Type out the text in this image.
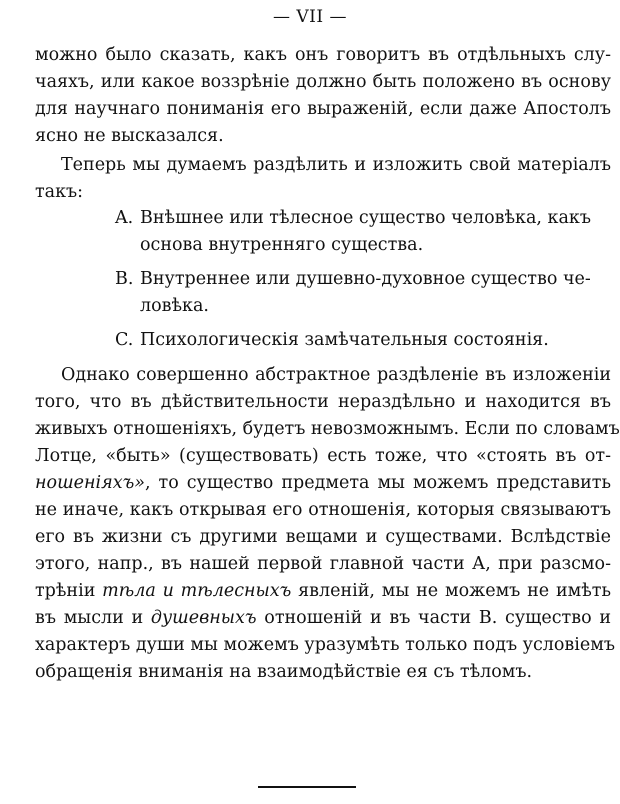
— VII —
можно было сказать, какъ онъ говоритъ въ отдѣльныхъ слу-
чаяхъ, или какое воззрѣніе должно быть положено въ основу
для научнаго пониманія его выраженій, если даже Апостолъ
ясно не высказался.
Теперь мы думаемъ раздѣлить и изложить свой матеріалъ
такъ:
A. Внѣшнее или тѣлесное существо человѣка, какъ
основа внутренняго существа.
B. Внутреннее или душевно-духовное существо че-
ловѣка.
C. Психологическія замѣчательныя состоянія.
Однако совершенно абстрактное раздѣленіе въ изложеніи
того, что въ дѣйствительности нераздѣльно и находится въ
живыхъ отношеніяхъ, будетъ невозможнымъ. Если по словамъ
Лотце, «быть» (существовать) есть тоже, что «стоять въ от-
ношеніяхъ», то существо предмета мы можемъ представить
не иначе, какъ открывая его отношенія, которыя связываютъ
его въ жизни съ другими вещами и существами. Вслѣдствіе
этого, напр., въ нашей первой главной части А, при разсмо-
трѣніи тѣла и тѣлесныхъ явленій, мы не можемъ не имѣть
въ мысли и душевныхъ отношеній и въ части B. существо и
характеръ души мы можемъ уразумѣть только подъ условіемъ
обращенія вниманія на взаимодѣйствіе ея съ тѣломъ.
